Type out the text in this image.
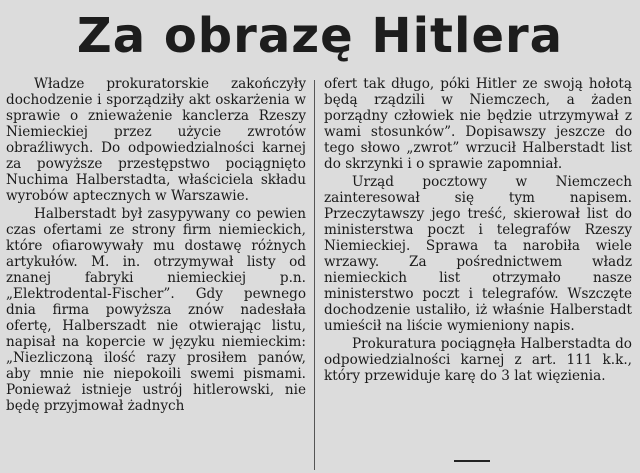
Za obrazę Hitlera

Władze prokuratorskie zakończyły dochodzenie i sporządziły akt oskarżenia w sprawie o znieważenie kanclerza Rzeszy Niemieckiej przez użycie zwrotów obraźliwych. Do odpowiedzialności karnej za powyższe przestępstwo pociągnięto Nuchima Halberstadta, właściciela składu wyrobów aptecznych w Warszawie.

Halberstadt był zasypywany co pewien czas ofertami ze strony firm niemieckich, które ofiarowywały mu dostawę różnych artykułów. M. in. otrzymywał listy od znanej fabryki niemieckiej p.n. „Elektrodental-Fischer”. Gdy pewnego dnia firma powyższa znów nadesłała ofertę, Halberszadt nie otwierając listu, napisał na kopercie w języku niemieckim: „Niezliczoną ilość razy prosiłem panów, aby mnie nie niepokoili swemi pismami. Ponieważ istnieje ustrój hitlerowski, nie będę przyjmował żadnych

ofert tak długo, póki Hitler ze swoją hołotą będą rządzili w Niemczech, a żaden porządny człowiek nie będzie utrzymywał z wami stosunków”. Dopisawszy jeszcze do tego słowo „zwrot” wrzucił Halberstadt list do skrzynki i o sprawie zapomniał.

Urząd pocztowy w Niemczech zainteresował się tym napisem. Przeczytawszy jego treść, skierował list do ministerstwa poczt i telegrafów Rzeszy Niemieckiej. Sprawa ta narobiła wiele wrzawy. Za pośrednictwem władz niemieckich list otrzymało nasze ministerstwo poczt i telegrafów. Wszczęte dochodzenie ustaliło, iż właśnie Halberstadt umieścił na liście wymieniony napis.

Prokuratura pociągnęła Halberstadta do odpowiedzialności karnej z art. 111 k.k., który przewiduje karę do 3 lat więzienia.
